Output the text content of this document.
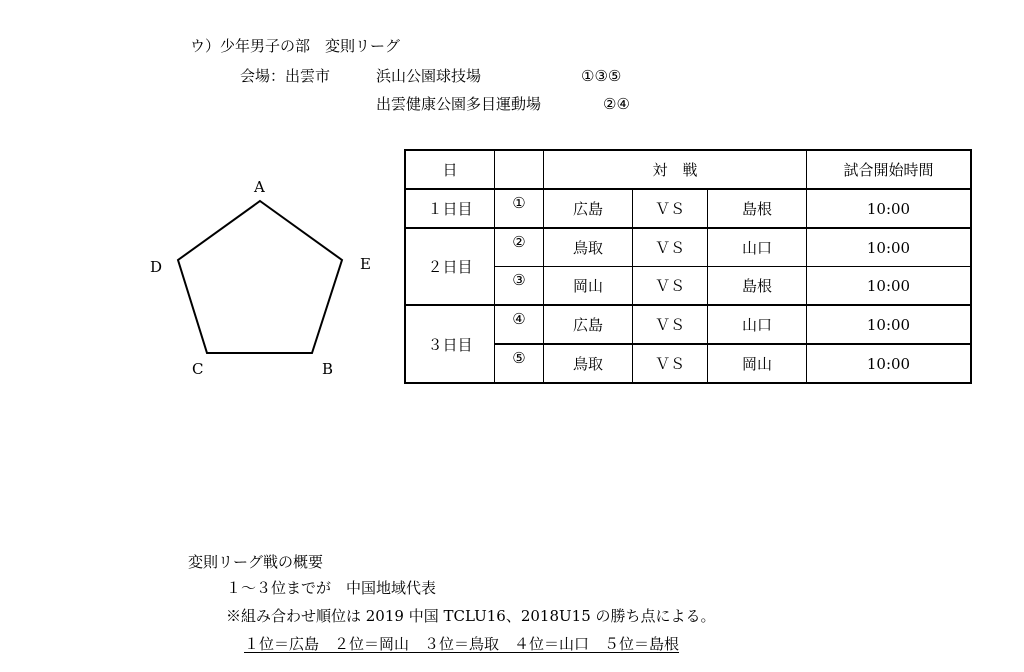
ウ）少年男子の部　変則リーグ
会場：出雲市	浜山公園球技場	①③⑤
出雲健康公園多目運動場	②④
A
B
C
D	E
日		対　戦			試合開始時間
１日目	①	広島	ＶＳ	島根	10:00
２日目	②	鳥取	ＶＳ	山口	10:00
	③	岡山	ＶＳ	島根	10:00
３日目	④	広島	ＶＳ	山口	10:00
	⑤	鳥取	ＶＳ	岡山	10:00
変則リーグ戦の概要
１～３位までが　中国地域代表
※組み合わせ順位は 2019 中国 TCLU16、2018U15 の勝ち点による。
１位＝広島　２位＝岡山　３位＝鳥取　４位＝山口　５位＝島根
